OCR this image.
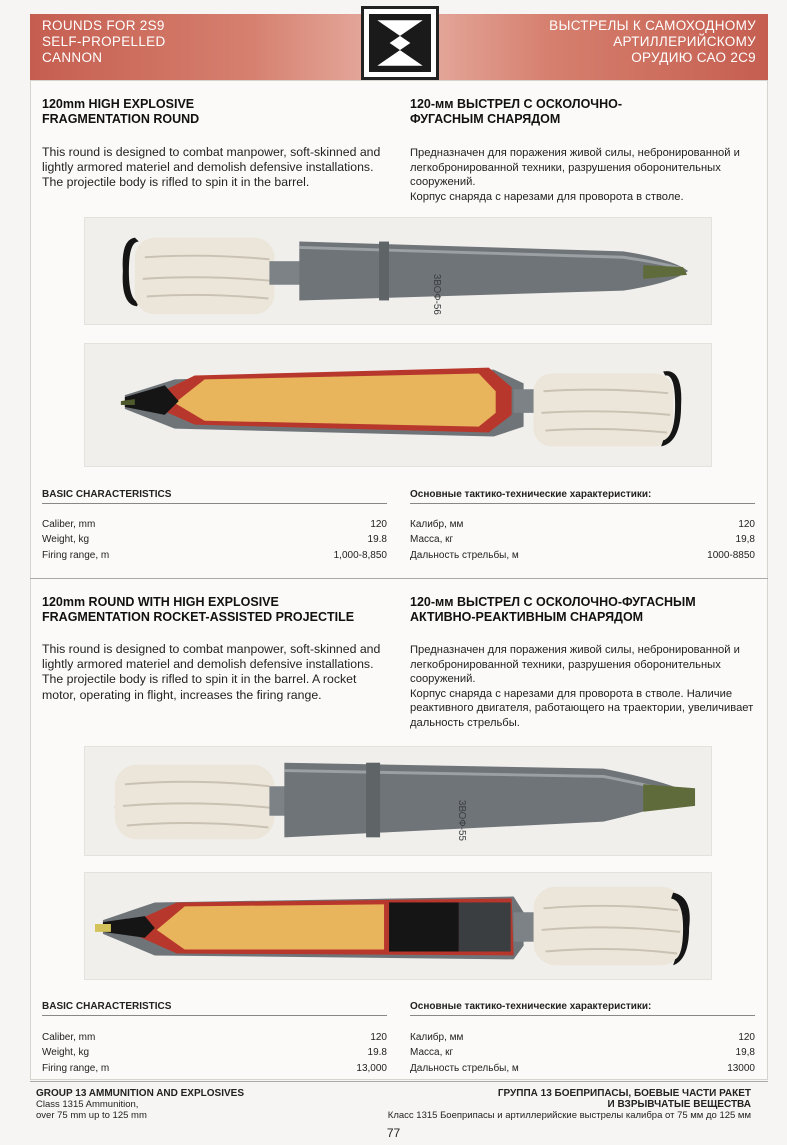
ROUNDS FOR 2S9
SELF-PROPELLED
CANNON
ВЫСТРЕЛЫ К САМОХОДНОМУ
АРТИЛЛЕРИЙСКОМУ
ОРУДИЮ САО 2С9
120mm HIGH EXPLOSIVE
FRAGMENTATION ROUND
120-мм ВЫСТРЕЛ С ОСКОЛОЧНО-
ФУГАСНЫМ СНАРЯДОМ

This round is designed to combat manpower, soft-skinned and lightly armored materiel and demolish defensive installations.

The projectile body is rifled to spin it in the barrel.

Предназначен для поражения живой силы, небронированной и легкобронированной техники, разрушения оборонительных сооружений.

Корпус снаряда с нарезами для проворота в стволе.

3ВОФ-56
BASIC CHARACTERISTICS	Основные тактико-технические характеристики:
Caliber, mm	120
Weight, kg	19.8
Firing range, m	1,000-8,850
Калибр, мм	120
Масса, кг	19,8
Дальность стрельбы, м	1000-8850
120mm ROUND WITH HIGH EXPLOSIVE
FRAGMENTATION ROCKET-ASSISTED PROJECTILE
120-мм ВЫСТРЕЛ С ОСКОЛОЧНО-ФУГАСНЫМ
АКТИВНО-РЕАКТИВНЫМ СНАРЯДОМ

This round is designed to combat manpower, soft-skinned and lightly armored materiel and demolish defensive installations.

The projectile body is rifled to spin it in the barrel. A rocket motor, operating in flight, increases the firing range.

Предназначен для поражения живой силы, небронированной и легкобронированной техники, разрушения оборонительных сооружений.

Корпус снаряда с нарезами для проворота в стволе. Наличие реактивного двигателя, работающего на траектории, увеличивает дальность стрельбы.

3ВОФ-55
BASIC CHARACTERISTICS	Основные тактико-технические характеристики:
Caliber, mm	120
Weight, kg	19.8
Firing range, m	13,000
Калибр, мм	120
Масса, кг	19,8
Дальность стрельбы, м	13000
GROUP 13 AMMUNITION AND EXPLOSIVES
Class 1315 Ammunition,
over 75 mm up to 125 mm
ГРУППА 13 БОЕПРИПАСЫ, БОЕВЫЕ ЧАСТИ РАКЕТ
И ВЗРЫВЧАТЫЕ ВЕЩЕСТВА
Класс 1315 Боеприпасы и артиллерийские выстрелы калибра от 75 мм до 125 мм
77
